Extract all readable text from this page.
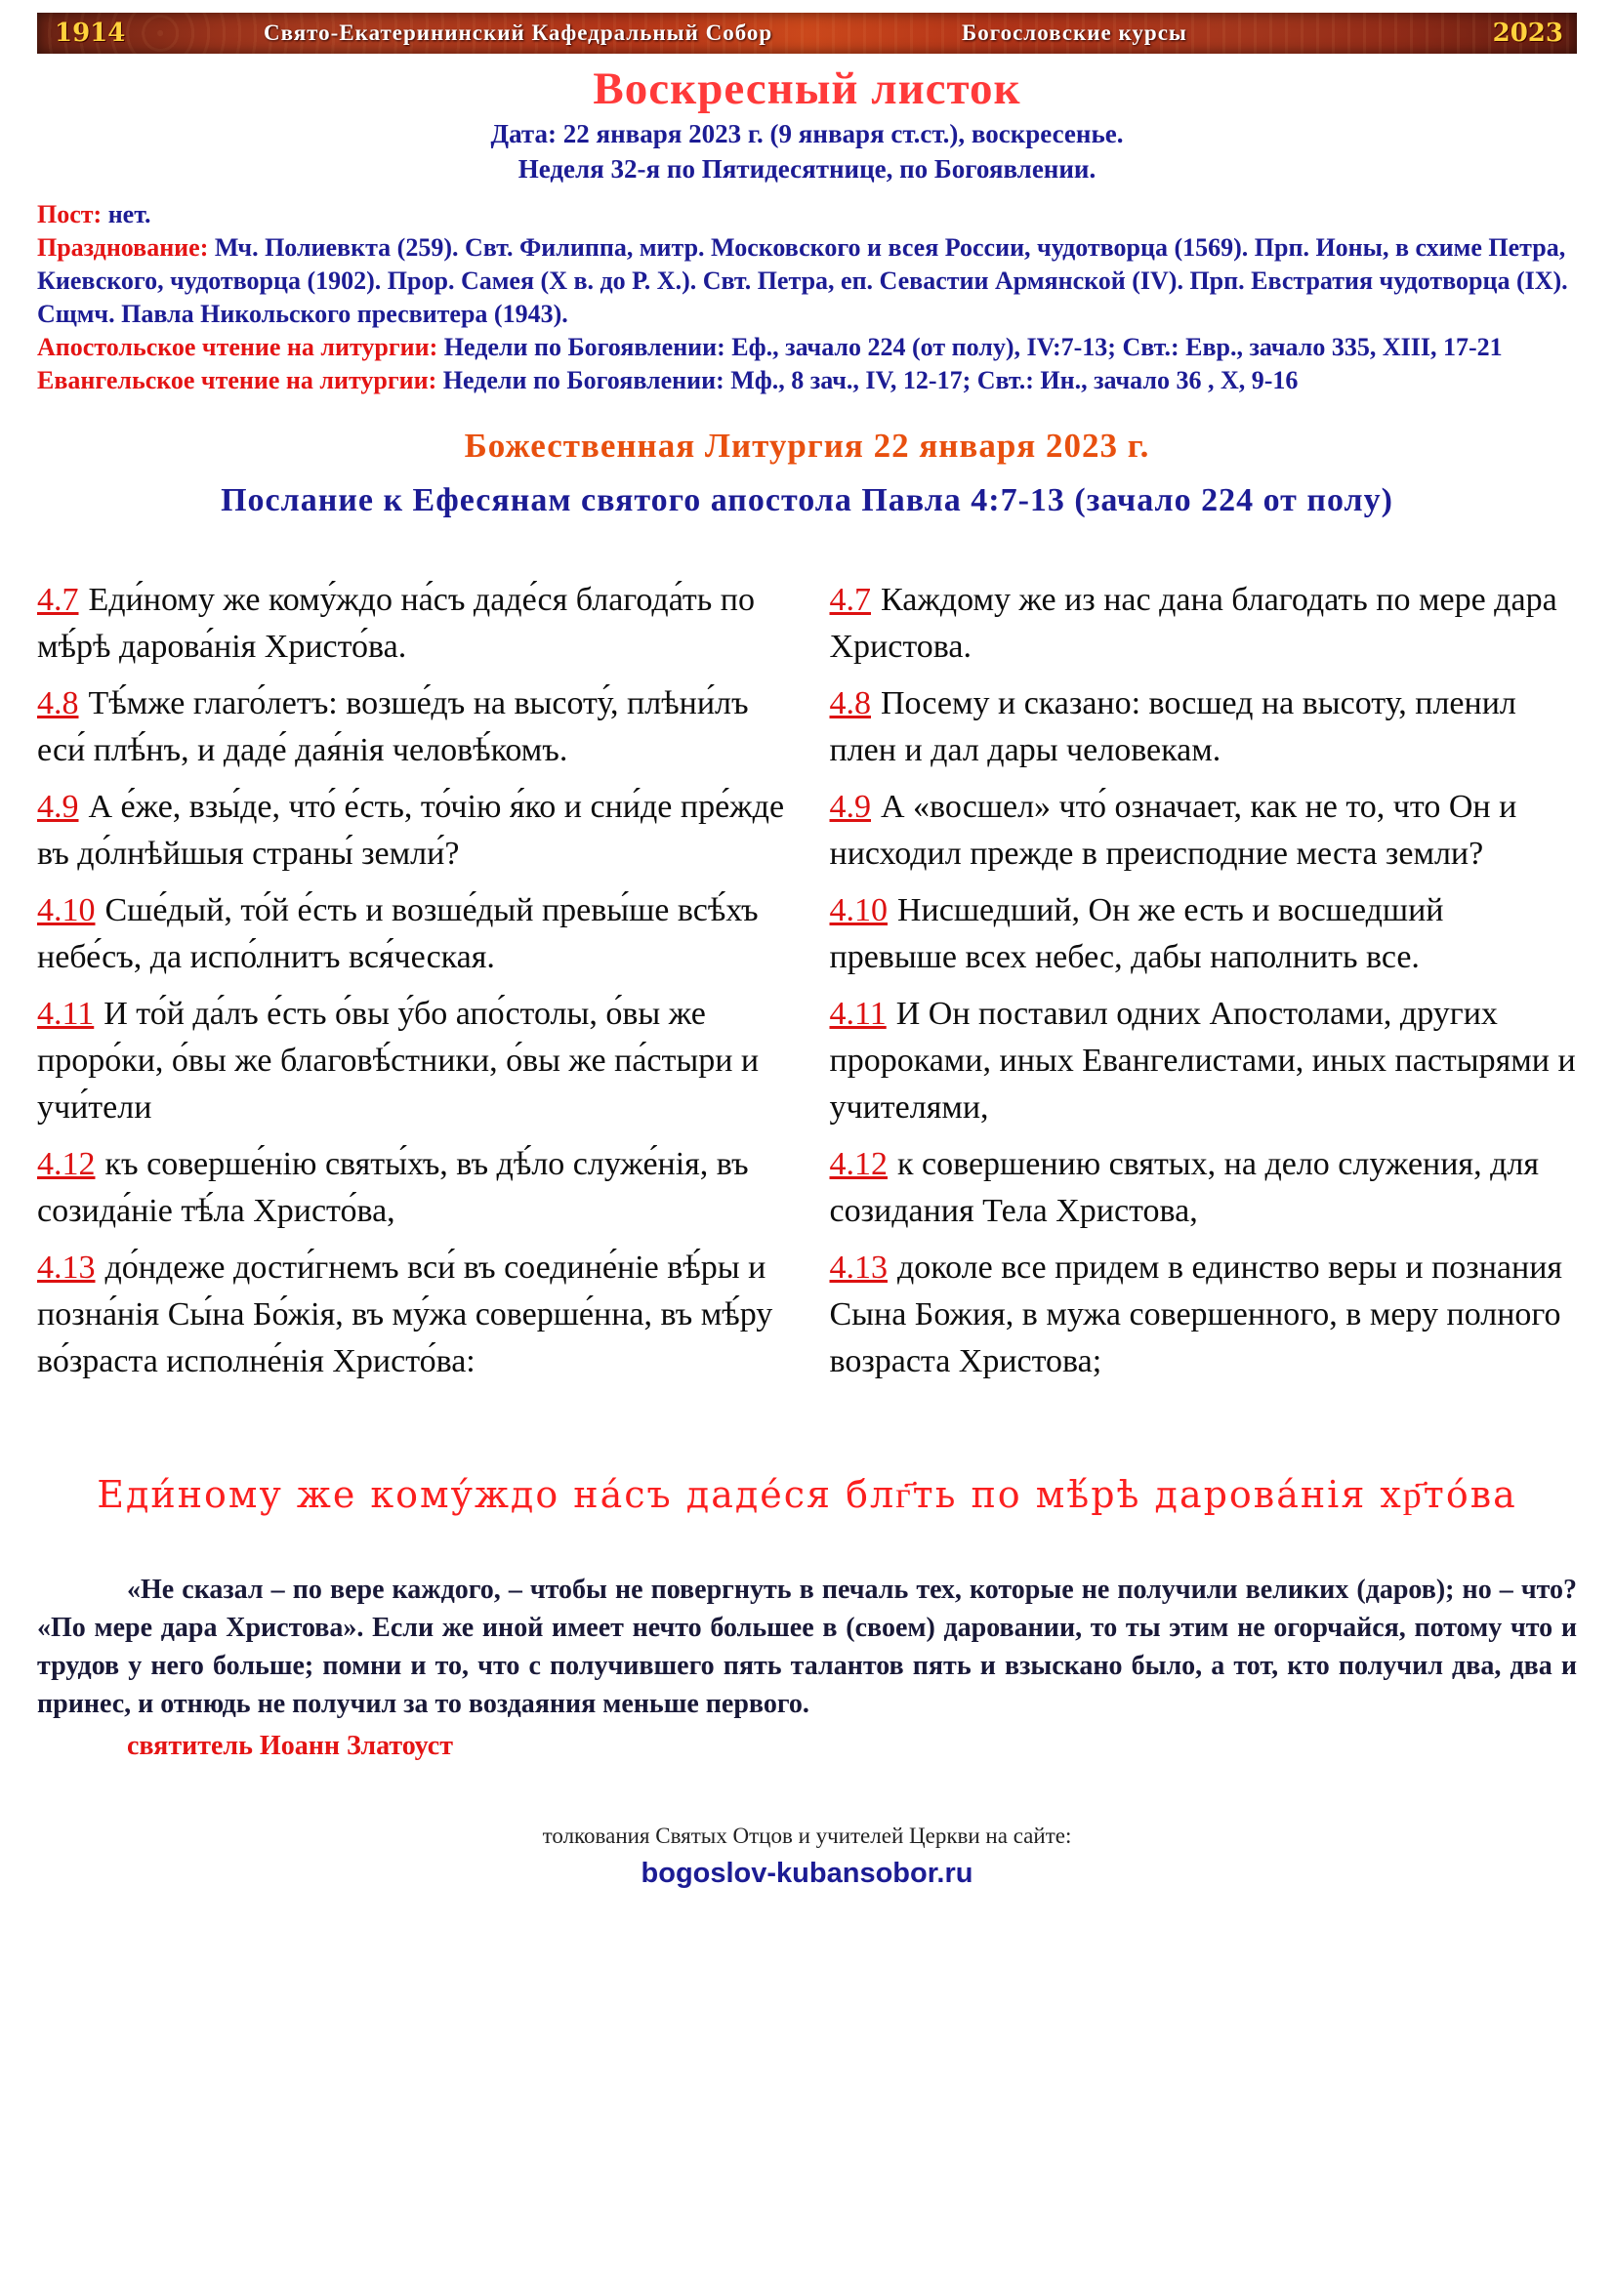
1914	Свято-Екатерининский Кафедральный Собор	Богословские курсы	2023
Воскресный листок

Дата: 22 января 2023 г. (9 января ст.ст.), воскресенье.

Неделя 32-я по Пятидесятнице, по Богоявлении.

Пост: нет.

Празднование: Мч. Полиевкта (259). Свт. Филиппа, митр. Московского и всея России, чудотворца (1569). Прп. Ионы, в схиме Петра, Киевского, чудотворца (1902). Прор. Самея (X в. до Р. Х.). Свт. Петра, еп. Севастии Армянской (IV). Прп. Евстратия чудотворца (IX). Сщмч. Павла Никольского пресвитера (1943).

Апостольское чтение на литургии: Недели по Богоявлении: Еф., зачало 224 (от полу), IV:7-13; Свт.: Евр., зачало 335, XIII, 17-21

Евангельское чтение на литургии: Недели по Богоявлении: Мф., 8 зач., IV, 12-17; Свт.: Ин., зачало 36 , X, 9-16

Божественная Литургия 22 января 2023 г.
Послание к Ефесянам святого апостола Павла 4:7-13 (зачало 224 от полу)

4.7 Еди́ному же кому́ждо на́съ даде́ся благода́ть по мѣ́рѣ дарова́нія Христо́ва.

4.7 Каждому же из нас дана благодать по мере дара Христова.

4.8 Тѣ́мже глаго́летъ: возше́дъ на высоту́, плѣни́лъ еси́ плѣ́нъ, и даде́ дая́нія человѣ́комъ.

4.8 Посему и сказано: восшед на высоту, пленил плен и дал дары человекам.

4.9 А е́же, взы́де, что́ е́сть, то́чію я́ко и сни́де пре́жде въ до́лнѣйшыя страны́ земли́?

4.9 А «восшел» что́ означает, как не то, что Он и нисходил прежде в преисподние места земли?

4.10 Сше́дый, то́й е́сть и возше́дый превы́ше всѣ́хъ небе́съ, да испо́лнитъ вся́ческая.

4.10 Нисшедший, Он же есть и восшедший превыше всех небес, дабы наполнить все.

4.11 И то́й да́лъ е́сть о́вы у́бо апо́столы, о́вы же проро́ки, о́вы же благовѣ́стники, о́вы же па́стыри и учи́тели

4.11 И Он поставил одних Апостолами, других пророками, иных Евангелистами, иных пастырями и учителями,

4.12 къ соверше́нію святы́хъ, въ дѣ́ло служе́нія, въ созида́ніе тѣ́ла Христо́ва,

4.12 к совершению святых, на дело служения, для созидания Тела Христова,

4.13 до́ндеже дости́гнемъ вси́ въ соедине́ніе вѣ́ры и позна́нія Сы́на Бо́жія, въ му́жа соверше́нна, въ мѣ́ру во́зраста исполне́нія Христо́ва:

4.13 доколе все придем в единство веры и познания Сына Божия, в мужа совершенного, в меру полного возраста Христова;

Еди́ному же кому́ждо на́съ даде́ся блг҃ть по мѣ́рѣ дарова́нія хр҃то́ва

«Не сказал – по вере каждого, – чтобы не повергнуть в печаль тех, которые не получили великих (даров); но – что? «По мере дара Христова». Если же иной имеет нечто большее в (своем) даровании, то ты этим не огорчайся, потому что и трудов у него больше; помни и то, что с получившего пять талантов пять и взыскано было, а тот, кто получил два, два и принес, и отнюдь не получил за то воздаяния меньше первого.

святитель Иоанн Златоуст

толкования Святых Отцов и учителей Церкви на сайте:

bogoslov-kubansobor.ru
